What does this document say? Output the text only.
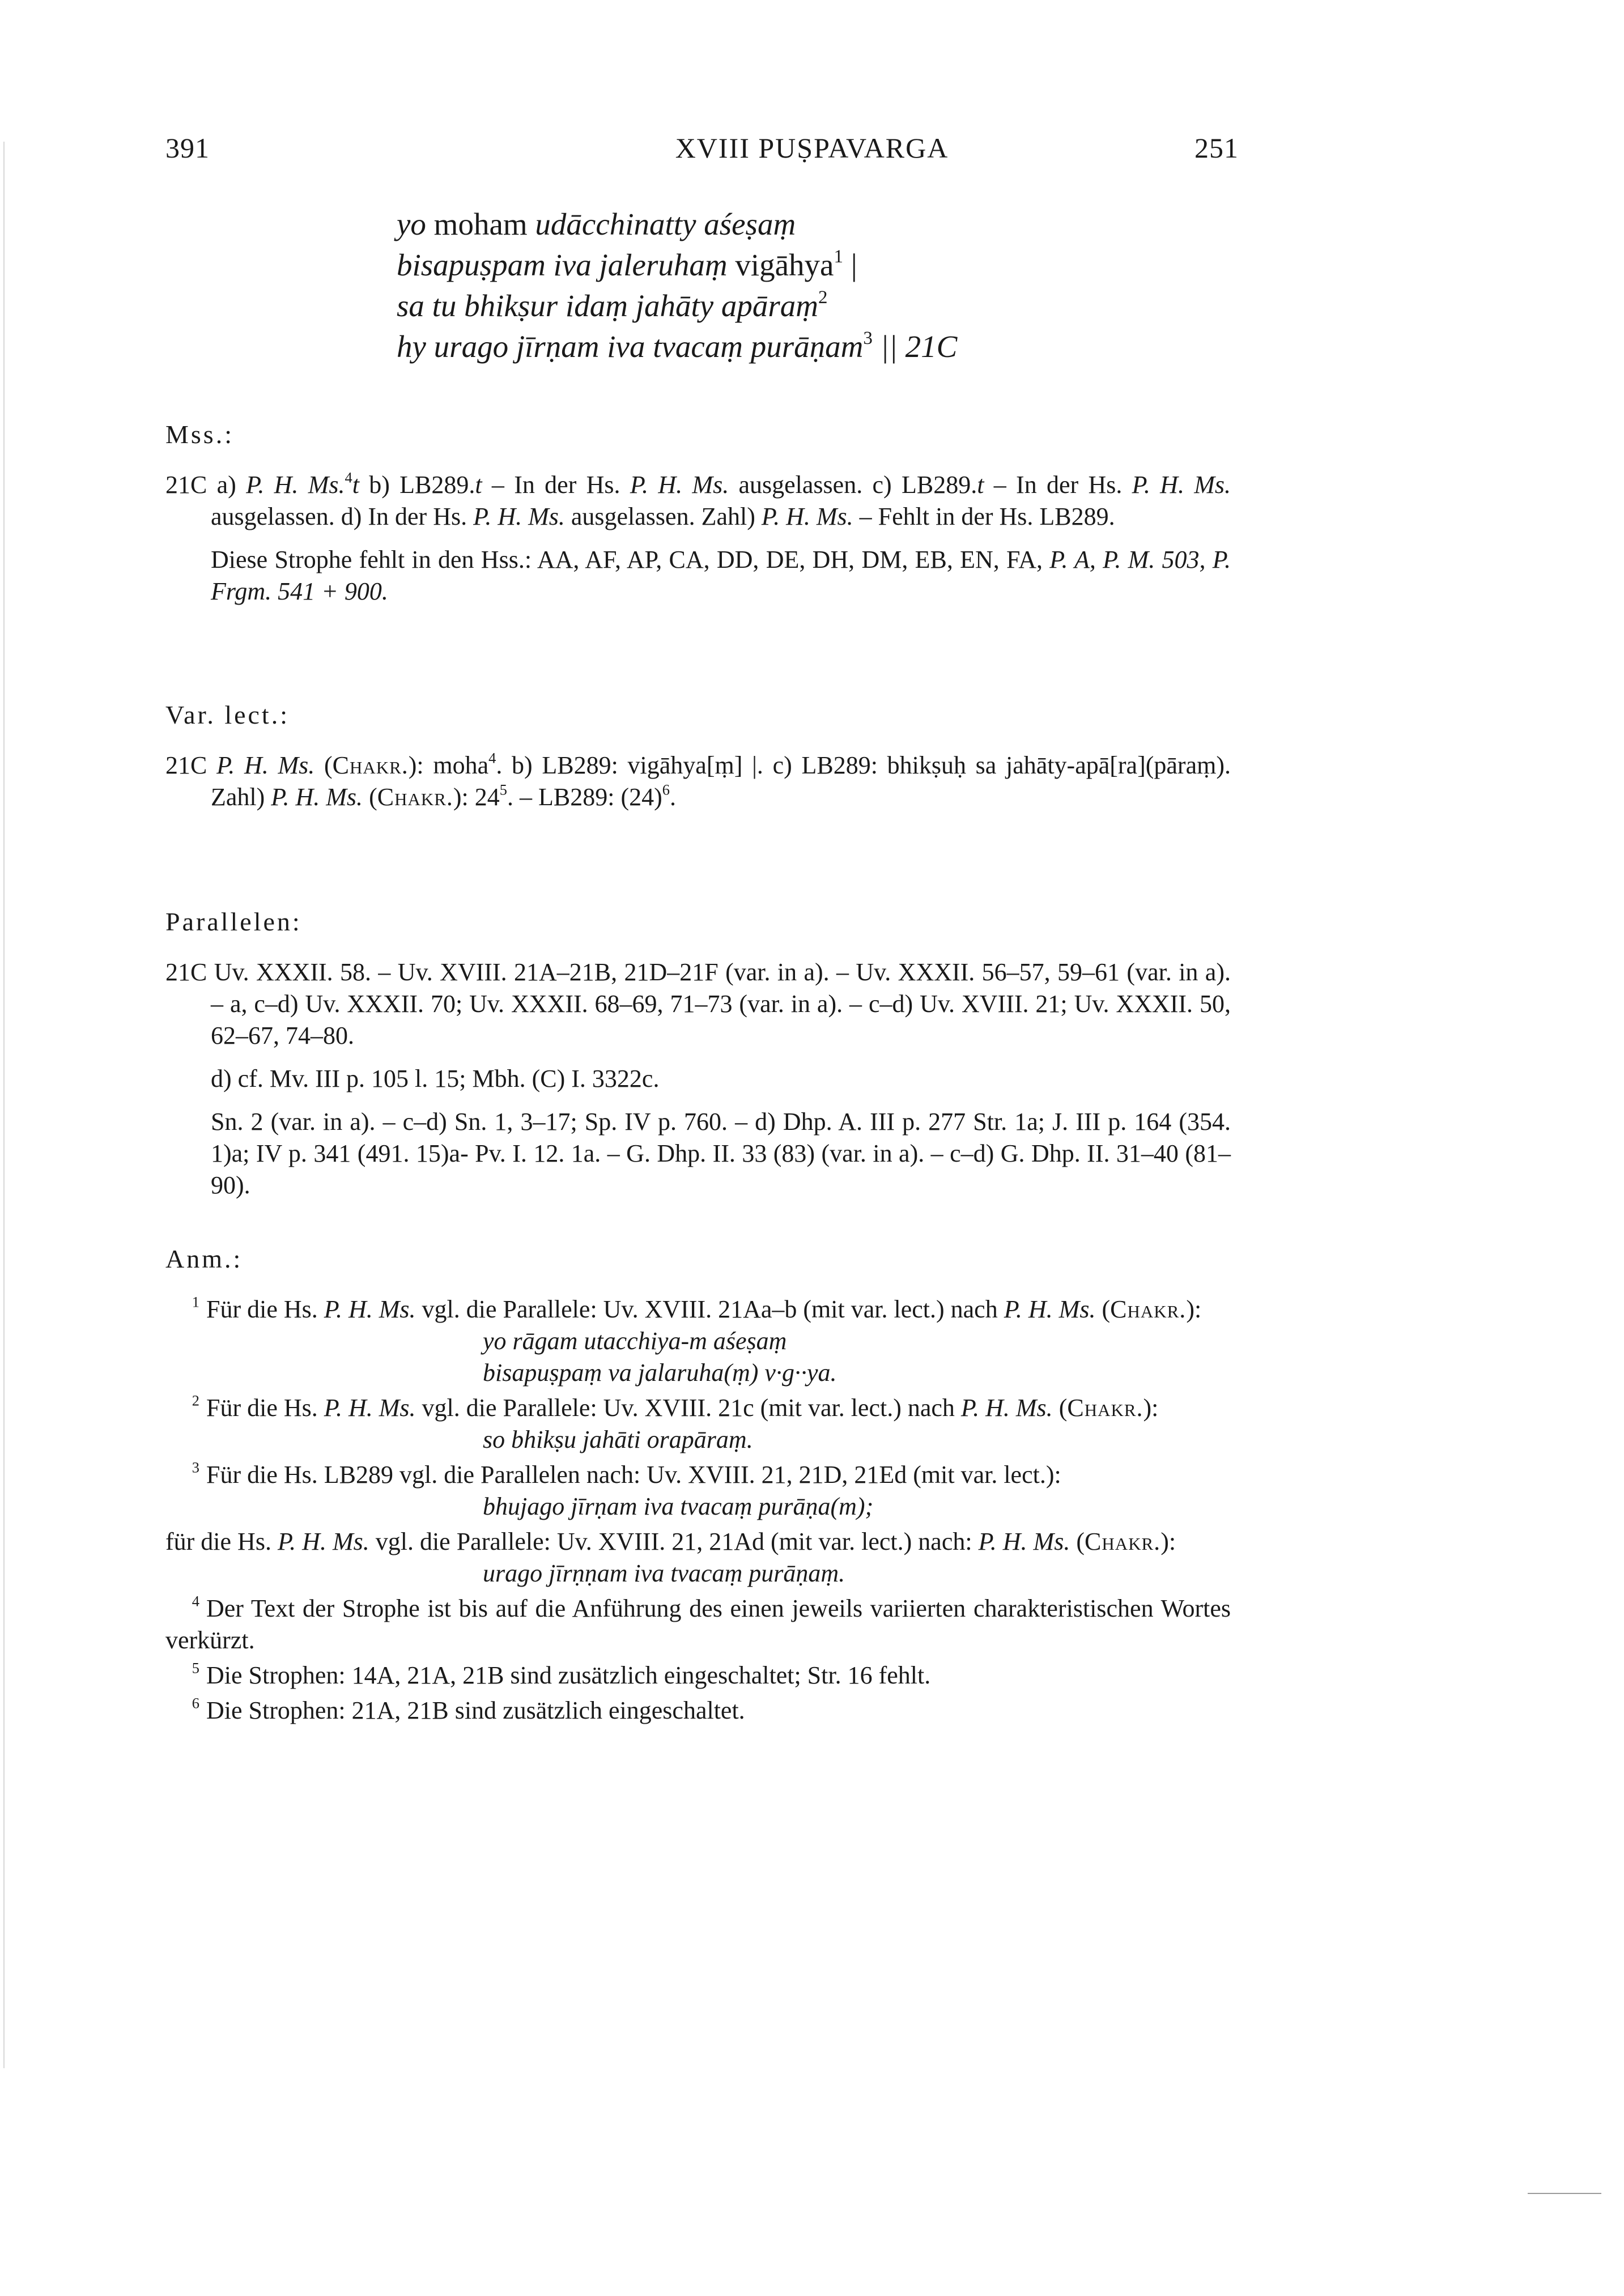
391	XVIII PUṢPAVARGA	251
yo moham udācchinatty aśeṣaṃ
bisapuṣpam iva jaleruhaṃ vigāhya$^1$ |
sa tu bhikṣur idaṃ jahāty apāraṃ$^2$
hy urago jīrṇam iva tvacaṃ purāṇam$^3$ || 21C
Mss.:

21C a) P. H. Ms.$^4$t b) LB289.t – In der Hs. P. H. Ms. ausgelassen. c) LB289.t – In der Hs. P. H. Ms. ausgelassen. d) In der Hs. P. H. Ms. ausgelassen. Zahl) P. H. Ms. – Fehlt in der Hs. LB289.

Diese Strophe fehlt in den Hss.: AA, AF, AP, CA, DD, DE, DH, DM, EB, EN, FA, P. A, P. M. 503, P. Frgm. 541 + 900.

Var. lect.:

21C P. H. Ms. (Chakr.): moha$^4$. b) LB289: vigāhya[ṃ] |. c) LB289: bhikṣuḥ sa jahāty-apā[ra](pāraṃ). Zahl) P. H. Ms. (Chakr.): $24^5$. – LB289: $(24)^6$.

Parallelen:

21C Uv. XXXII. 58. – Uv. XVIII. 21A–21B, 21D–21F (var. in a). – Uv. XXXII. 56–57, 59–61 (var. in a). – a, c–d) Uv. XXXII. 70; Uv. XXXII. 68–69, 71–73 (var. in a). – c–d) Uv. XVIII. 21; Uv. XXXII. 50, 62–67, 74–80.

d) cf. Mv. III p. 105 l. 15; Mbh. (C) I. 3322c.

Sn. 2 (var. in a). – c–d) Sn. 1, 3–17; Sp. IV p. 760. – d) Dhp. A. III p. 277 Str. 1a; J. III p. 164 (354. 1)a; IV p. 341 (491. 15)a- Pv. I. 12. 1a. – G. Dhp. II. 33 (83) (var. in a). – c–d) G. Dhp. II. 31–40 (81–90).

Anm.:

$^1$ Für die Hs. P. H. Ms. vgl. die Parallele: Uv. XVIII. 21Aa–b (mit var. lect.) nach P. H. Ms. (Chakr.):

yo rāgam utacchiya-m aśeṣaṃ

bisapuṣpaṃ va jalaruha(ṃ) v·g··ya.

$^2$ Für die Hs. P. H. Ms. vgl. die Parallele: Uv. XVIII. 21c (mit var. lect.) nach P. H. Ms. (Chakr.):

so bhikṣu jahāti orapāraṃ.

$^3$ Für die Hs. LB289 vgl. die Parallelen nach: Uv. XVIII. 21, 21D, 21Ed (mit var. lect.):

bhujago jīrṇam iva tvacaṃ purāṇa(m);

für die Hs. P. H. Ms. vgl. die Parallele: Uv. XVIII. 21, 21Ad (mit var. lect.) nach: P. H. Ms. (Chakr.):

urago jīrṇṇam iva tvacaṃ purāṇaṃ.

$^4$ Der Text der Strophe ist bis auf die Anführung des einen jeweils variierten charakteristischen Wortes verkürzt.

$^5$ Die Strophen: 14A, 21A, 21B sind zusätzlich eingeschaltet; Str. 16 fehlt.

$^6$ Die Strophen: 21A, 21B sind zusätzlich eingeschaltet.
